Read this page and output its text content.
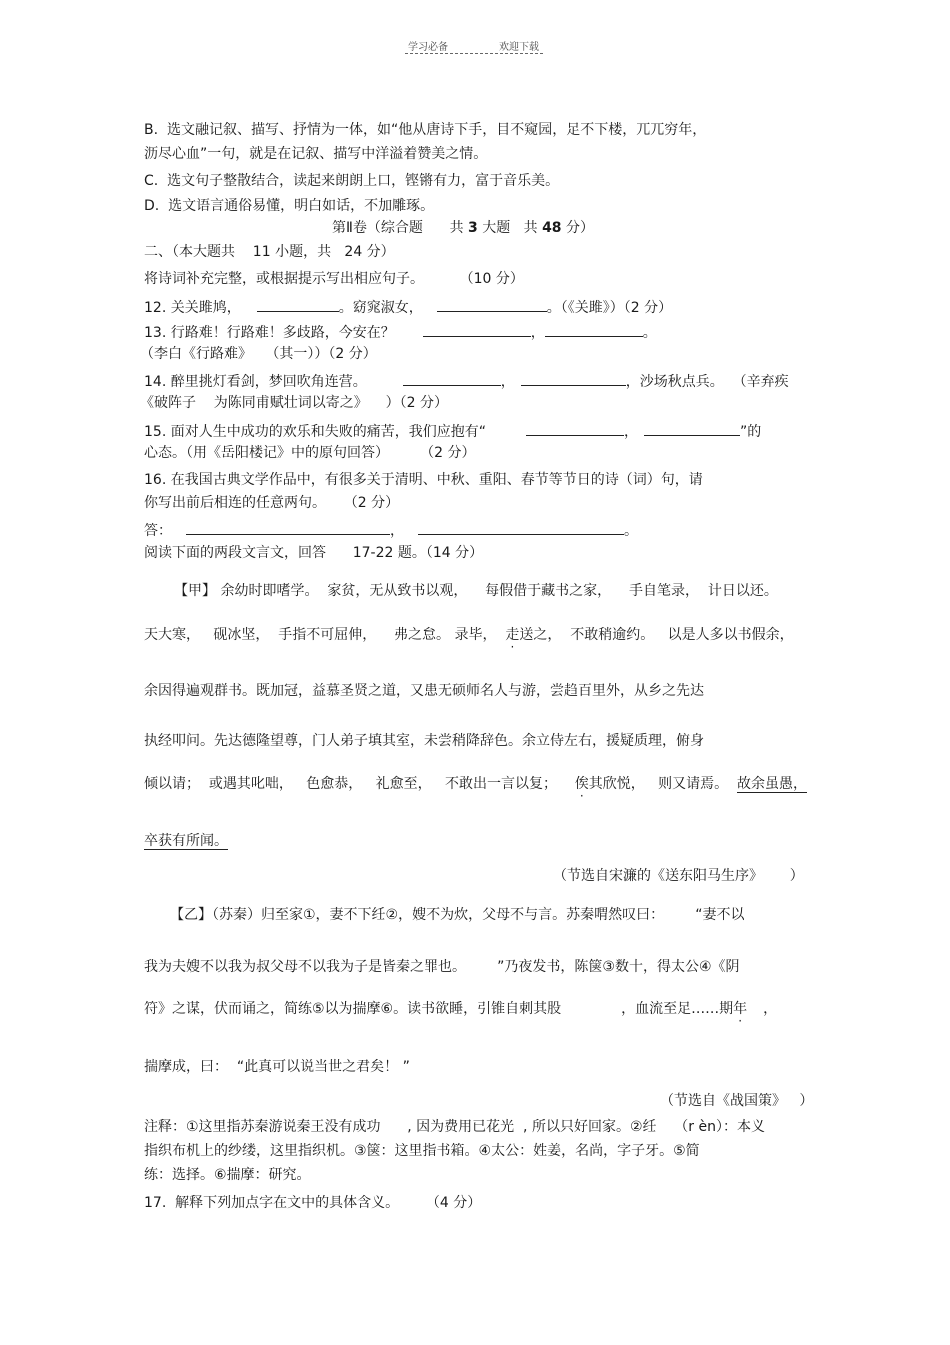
学习必备	欢迎下载

B.  选文融记叙、描写、抒情为一体，如“他从唐诗下手，目不窥园，足不下楼，兀兀穷年，
沥尽心血”一句，就是在记叙、描写中洋溢着赞美之情。
C.  选文句子整散结合，读起来朗朗上口，铿锵有力，富于音乐美。
D.  选文语言通俗易懂，明白如话，不加雕琢。
第Ⅱ卷（综合题      共 3 大题   共 48 分）
二、（本大题共    11 小题，共   24 分）
将诗词补充完整，或根据提示写出相应句子。        （10 分）
12. 关关雎鸠，	。窈窕淑女，	。（《关雎》）（2 分）
13. 行路难！行路难！多歧路，今安在？	，	。
（李白《行路难》   （其一））（2 分）
14. 醉里挑灯看剑，梦回吹角连营。	，	，沙场秋点兵。  （辛弃疾
《破阵子    为陈同甫赋壮词以寄之》    ）（2 分）
15. 面对人生中成功的欢乐和失败的痛苦，我们应抱有“	，	”的
心态。（用《岳阳楼记》中的原句回答）       （2 分）
16. 在我国古典文学作品中，有很多关于清明、中秋、重阳、春节等节日的诗（词）句，请
你写出前后相连的任意两句。    （2 分）
答：	，	。
阅读下面的两段文言文，回答      17-22 题。（14 分）
【甲】 余幼时即嗜学。  家贫，无从致书以观，    每假借于藏书之家，    手自笔录，  计日以还。
天大寒，   砚冰坚，  手指不可屈伸，    弗之怠。 录毕，  走送之，  不敢稍逾约。   以是人多以书假余，
余因得遍观群书。既加冠，益慕圣贤之道，又患无硕师名人与游，尝趋百里外，从乡之先达
执经叩问。先达德隆望尊，门人弟子填其室，未尝稍降辞色。余立侍左右，援疑质理，俯身
倾以请；  或遇其叱咄，   色愈恭，   礼愈至，   不敢出一言以复；    俟其欣悦，   则又请焉。  故余虽愚，
卒获有所闻。
（节选自宋濂的《送东阳马生序》      ）
【乙】（苏秦）归至家①，妻不下纴②，嫂不为炊，父母不与言。苏秦喟然叹曰：       “妻不以
我为夫嫂不以我为叔父母不以我为子是皆秦之罪也。       ”乃夜发书，陈箧③数十，得太公④《阴
符》之谋，伏而诵之，简练⑤以为揣摩⑥。读书欲睡，引锥自刺其股	，血流至足……期年 ，
揣摩成，曰：  “此真可以说当世之君矣！ ”
（节选自《战国策》   ）
注释：①这里指苏秦游说秦王没有成功      , 因为费用已花光  , 所以只好回家。②纴    （r èn）：本义
指织布机上的纱缕，这里指织机。③箧：这里指书箱。④太公：姓姜，名尚，字子牙。⑤简
练：选择。⑥揣摩：研究。
17.  解释下列加点字在文中的具体含义。      （4 分）
